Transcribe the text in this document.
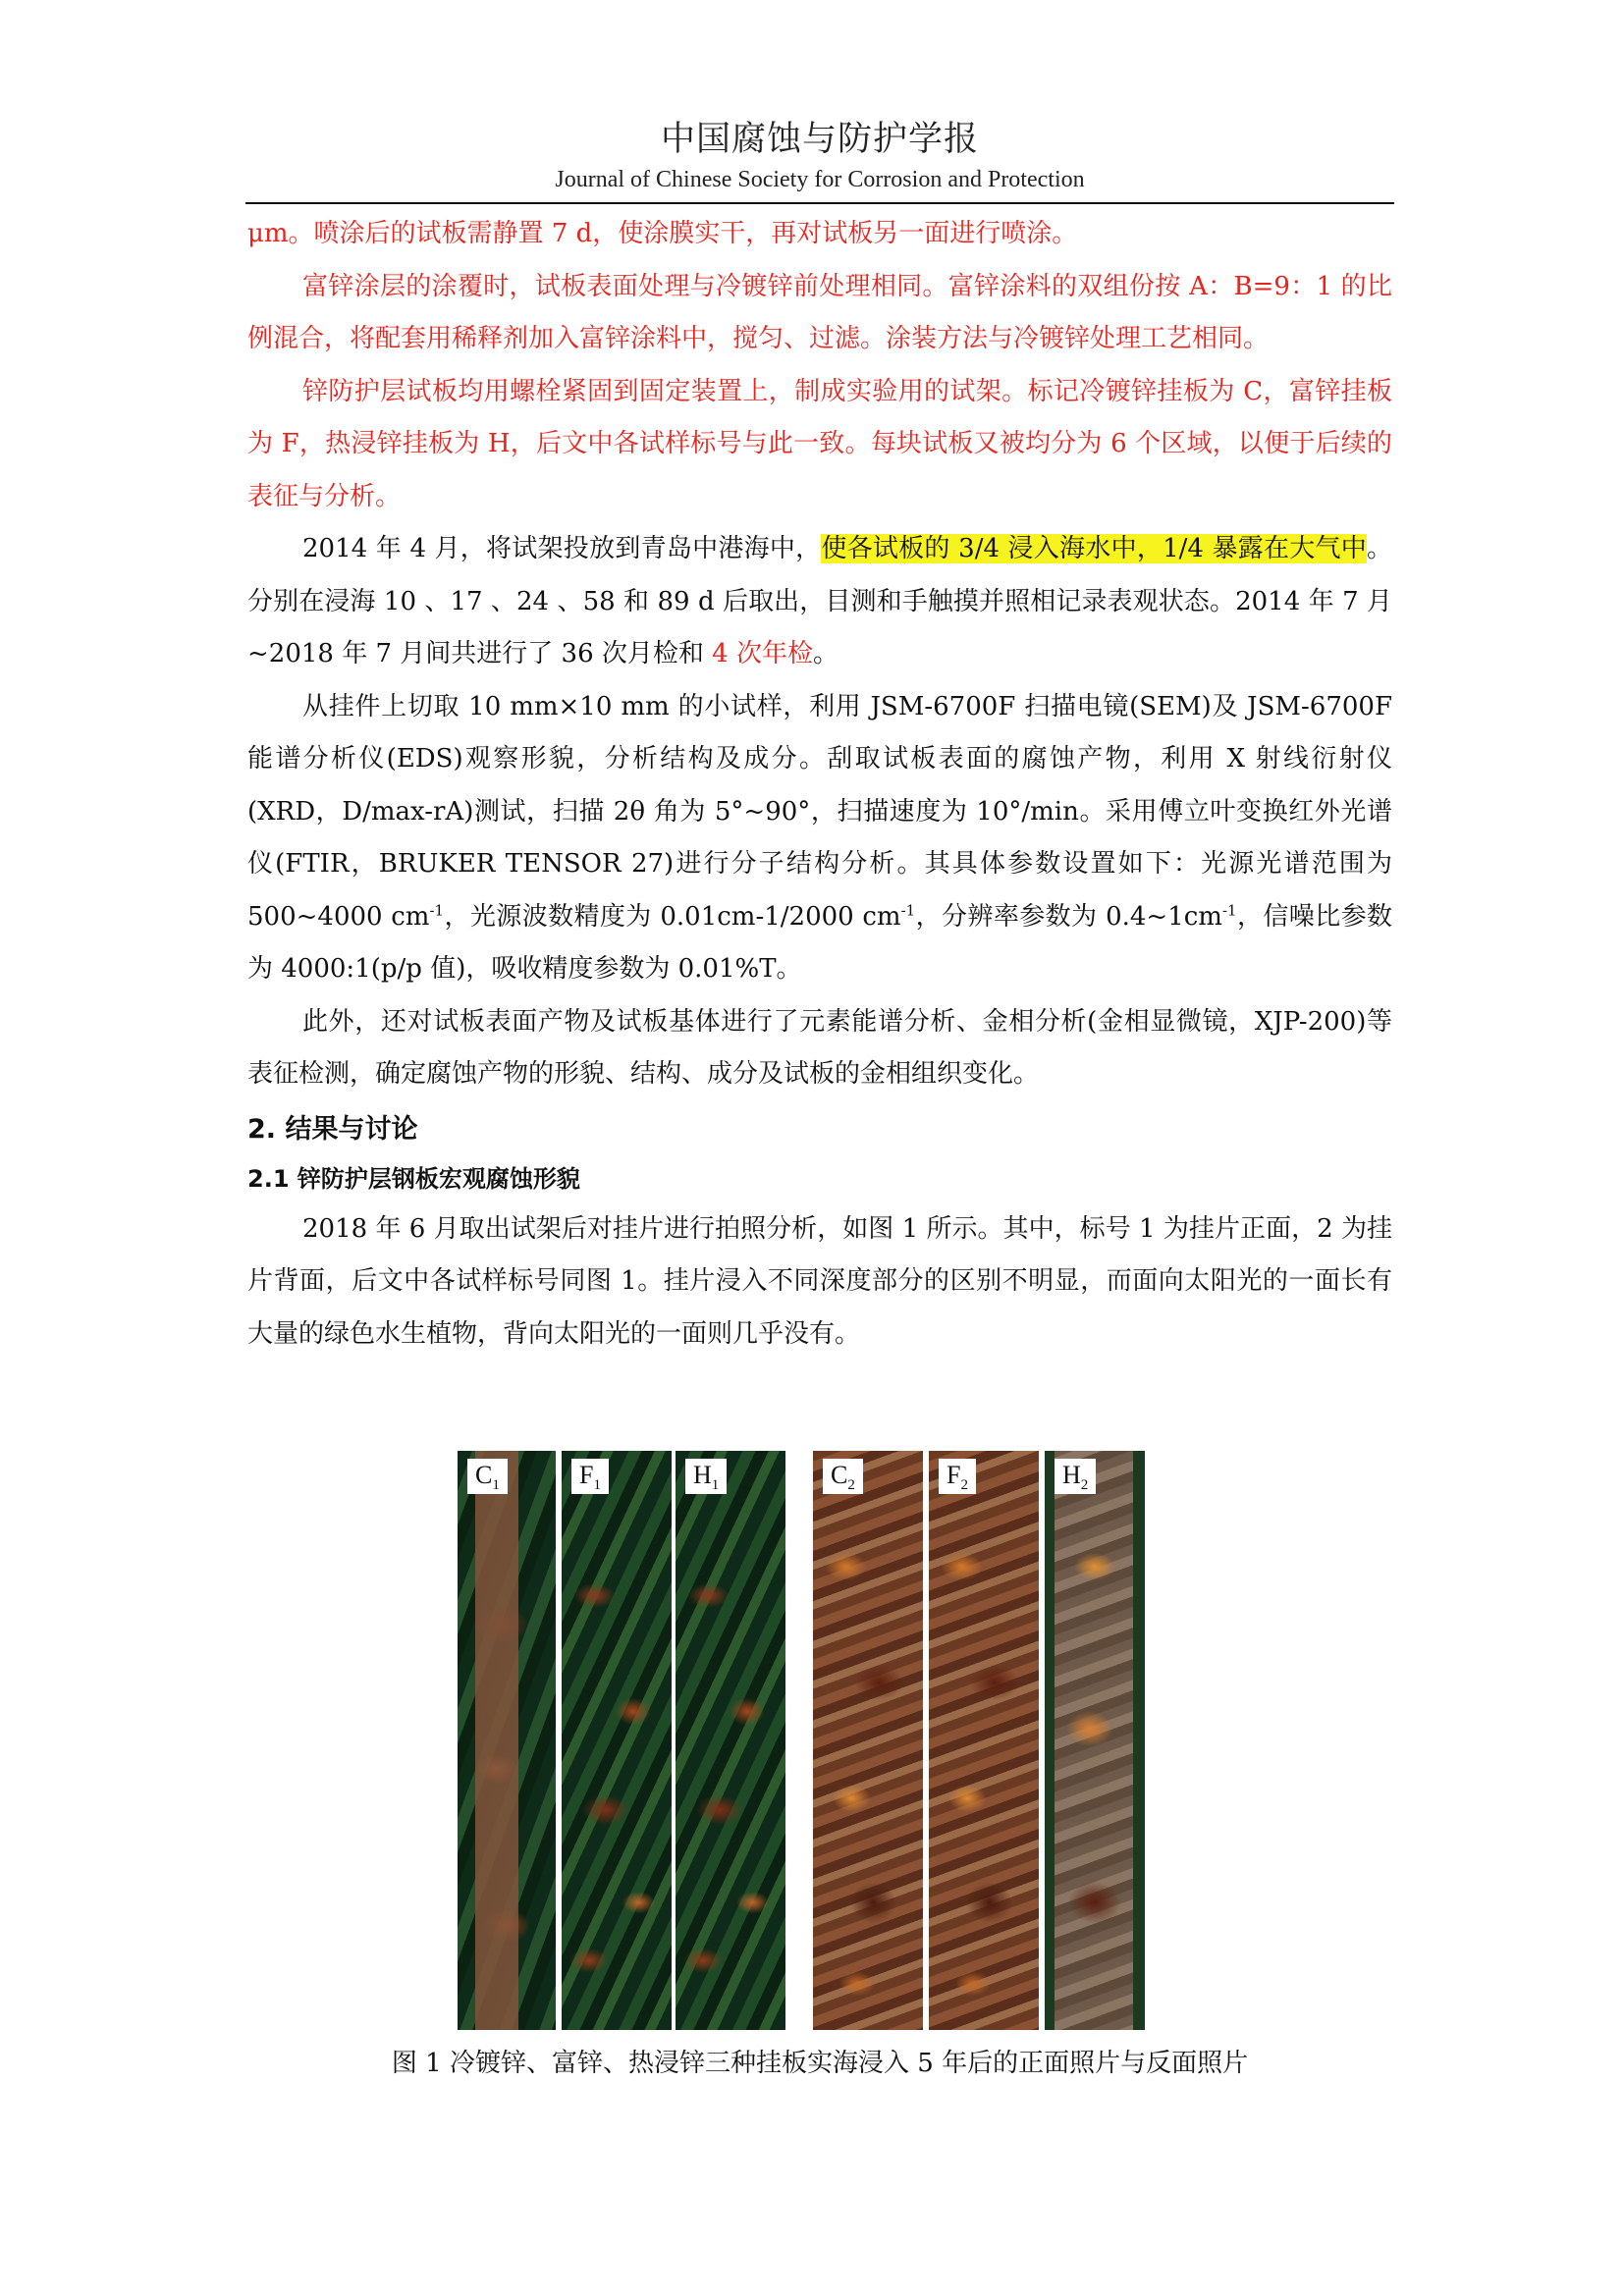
中国腐蚀与防护学报
Journal of Chinese Society for Corrosion and Protection

μm。喷涂后的试板需静置 7 d，使涂膜实干，再对试板另一面进行喷涂。

富锌涂层的涂覆时，试板表面处理与冷镀锌前处理相同。富锌涂料的双组份按 A：B=9：1 的比例混合，将配套用稀释剂加入富锌涂料中，搅匀、过滤。涂装方法与冷镀锌处理工艺相同。

锌防护层试板均用螺栓紧固到固定装置上，制成实验用的试架。标记冷镀锌挂板为 C，富锌挂板为 F，热浸锌挂板为 H，后文中各试样标号与此一致。每块试板又被均分为 6 个区域，以便于后续的表征与分析。

2014 年 4 月，将试架投放到青岛中港海中，使各试板的 3/4 浸入海水中，1/4 暴露在大气中。分别在浸海 10 、17 、24 、58 和 89 d 后取出，目测和手触摸并照相记录表观状态。2014 年 7 月~2018 年 7 月间共进行了 36 次月检和 4 次年检。

从挂件上切取 10 mm×10 mm 的小试样，利用 JSM-6700F 扫描电镜(SEM)及 JSM-6700F 能谱分析仪(EDS)观察形貌，分析结构及成分。刮取试板表面的腐蚀产物，利用 X 射线衍射仪(XRD，D/max-rA)测试，扫描 2θ 角为 5°~90°，扫描速度为 10°/min。采用傅立叶变换红外光谱仪(FTIR，BRUKER TENSOR 27)进行分子结构分析。其具体参数设置如下：光源光谱范围为 500~4000 $cm^{-1}$，光源波数精度为 0.01cm-1/2000 $cm^{-1}$，分辨率参数为 $0.4\sim 1cm^{-1}$，信噪比参数为 4000:1(p/p 值)，吸收精度参数为 0.01%T。

此外，还对试板表面产物及试板基体进行了元素能谱分析、金相分析(金相显微镜，XJP-200)等表征检测，确定腐蚀产物的形貌、结构、成分及试板的金相组织变化。

2. 结果与讨论
2.1 锌防护层钢板宏观腐蚀形貌

2018 年 6 月取出试架后对挂片进行拍照分析，如图 1 所示。其中，标号 1 为挂片正面，2 为挂片背面，后文中各试样标号同图 1。挂片浸入不同深度部分的区别不明显，而面向太阳光的一面长有大量的绿色水生植物，背向太阳光的一面则几乎没有。

$C_1$	$F_1$	$H_1$	$C_2$	$F_2$	$H_2$
图 1 冷镀锌、富锌、热浸锌三种挂板实海浸入 5 年后的正面照片与反面照片
